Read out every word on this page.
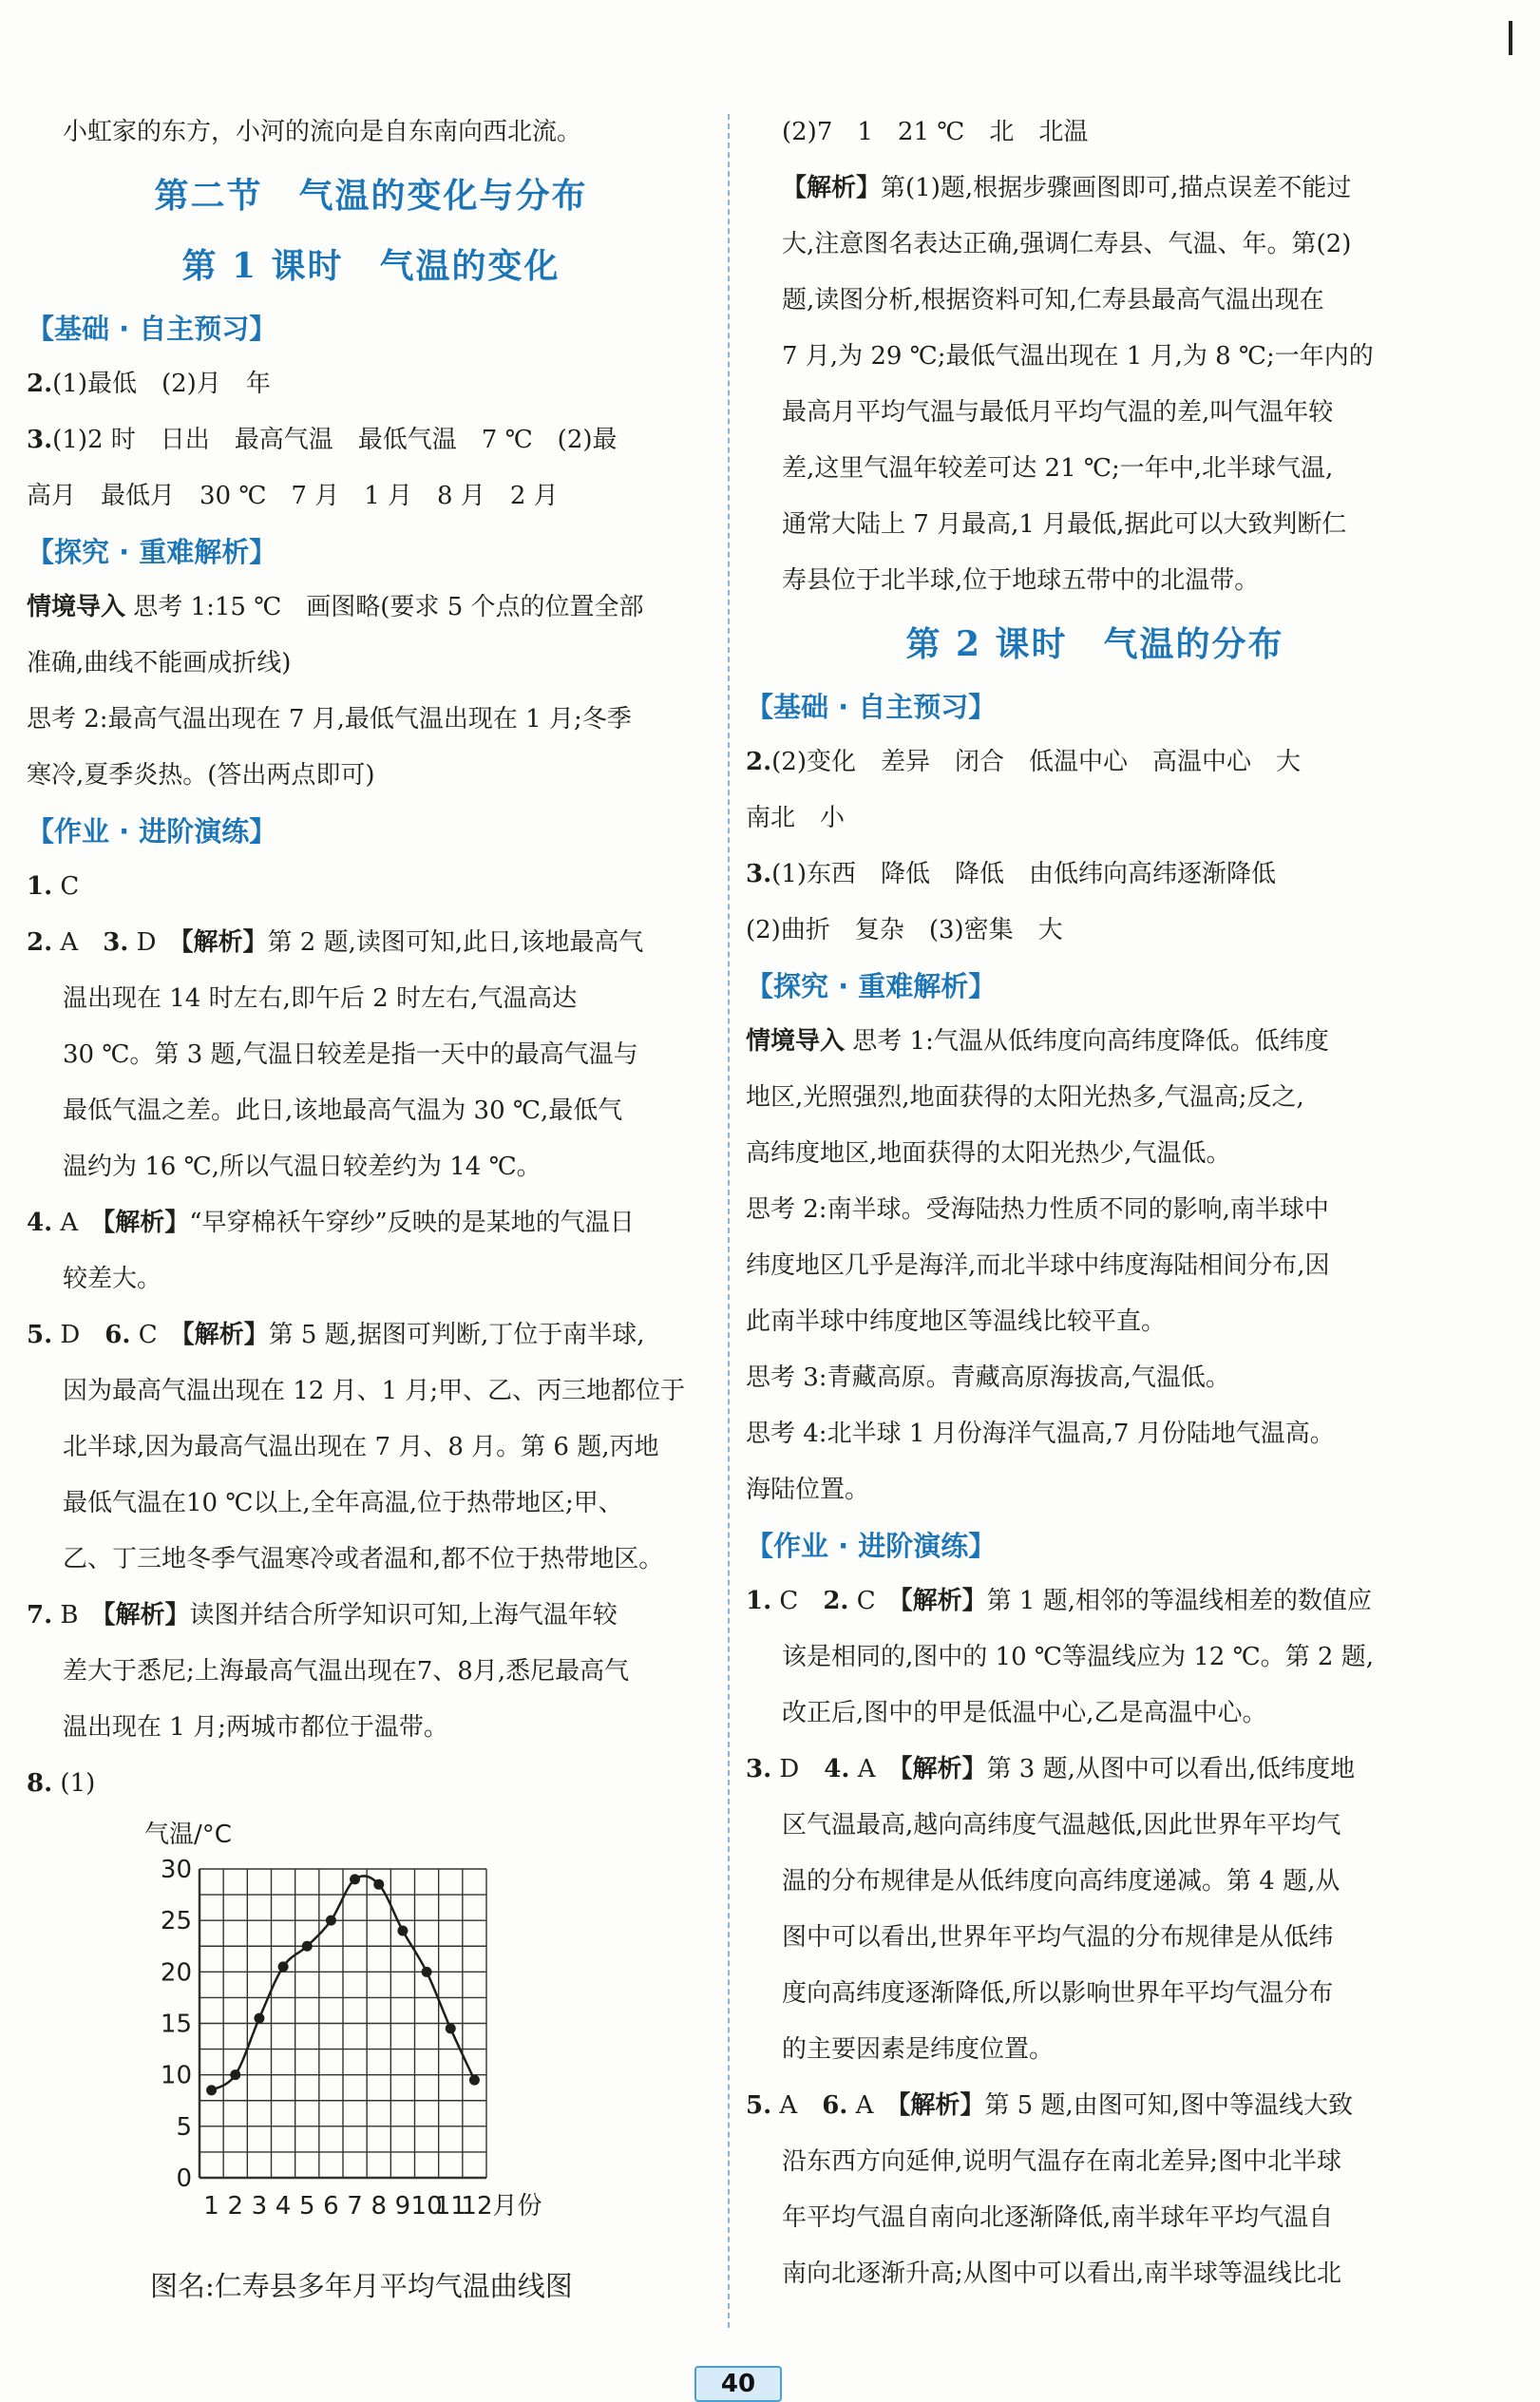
小虹家的东方，小河的流向是自东南向西北流。
第二节　气温的变化与分布
第 1 课时　气温的变化
【基础 · 自主预习】
2.(1)最低　(2)月　年
3.(1)2 时　日出　最高气温　最低气温　7 ℃　(2)最
高月　最低月　30 ℃　7 月　1 月　8 月　2 月
【探究 · 重难解析】
情境导入 思考 1:15 ℃　画图略(要求 5 个点的位置全部
准确,曲线不能画成折线)
思考 2:最高气温出现在 7 月,最低气温出现在 1 月;冬季
寒冷,夏季炎热。(答出两点即可)
【作业 · 进阶演练】
1. C
2. A　3. D　【解析】第 2 题,读图可知,此日,该地最高气
温出现在 14 时左右,即午后 2 时左右,气温高达
30 ℃。第 3 题,气温日较差是指一天中的最高气温与
最低气温之差。此日,该地最高气温为 30 ℃,最低气
温约为 16 ℃,所以气温日较差约为 14 ℃。
4. A　【解析】“早穿棉袄午穿纱”反映的是某地的气温日
较差大。
5. D　6. C　【解析】第 5 题,据图可判断,丁位于南半球,
因为最高气温出现在 12 月、1 月;甲、乙、丙三地都位于
北半球,因为最高气温出现在 7 月、8 月。第 6 题,丙地
最低气温在10 ℃以上,全年高温,位于热带地区;甲、
乙、丁三地冬季气温寒冷或者温和,都不位于热带地区。
7. B　【解析】读图并结合所学知识可知,上海气温年较
差大于悉尼;上海最高气温出现在7、8月,悉尼最高气
温出现在 1 月;两城市都位于温带。
8. (1)
气温/°C
0
5
10
15
20
25
30
1 2 3 4 5 6 7 8 9 10
11
12月份
图名:仁寿县多年月平均气温曲线图
(2)7　1　21 ℃　北　北温
【解析】第(1)题,根据步骤画图即可,描点误差不能过
大,注意图名表达正确,强调仁寿县、气温、年。第(2)
题,读图分析,根据资料可知,仁寿县最高气温出现在
7 月,为 29 ℃;最低气温出现在 1 月,为 8 ℃;一年内的
最高月平均气温与最低月平均气温的差,叫气温年较
差,这里气温年较差可达 21 ℃;一年中,北半球气温,
通常大陆上 7 月最高,1 月最低,据此可以大致判断仁
寿县位于北半球,位于地球五带中的北温带。
第 2 课时　气温的分布
【基础 · 自主预习】
2.(2)变化　差异　闭合　低温中心　高温中心　大
南北　小
3.(1)东西　降低　降低　由低纬向高纬逐渐降低
(2)曲折　复杂　(3)密集　大
【探究 · 重难解析】
情境导入 思考 1:气温从低纬度向高纬度降低。低纬度
地区,光照强烈,地面获得的太阳光热多,气温高;反之,
高纬度地区,地面获得的太阳光热少,气温低。
思考 2:南半球。受海陆热力性质不同的影响,南半球中
纬度地区几乎是海洋,而北半球中纬度海陆相间分布,因
此南半球中纬度地区等温线比较平直。
思考 3:青藏高原。青藏高原海拔高,气温低。
思考 4:北半球 1 月份海洋气温高,7 月份陆地气温高。
海陆位置。
【作业 · 进阶演练】
1. C　2. C　【解析】第 1 题,相邻的等温线相差的数值应
该是相同的,图中的 10 ℃等温线应为 12 ℃。第 2 题,
改正后,图中的甲是低温中心,乙是高温中心。
3. D　4. A　【解析】第 3 题,从图中可以看出,低纬度地
区气温最高,越向高纬度气温越低,因此世界年平均气
温的分布规律是从低纬度向高纬度递减。第 4 题,从
图中可以看出,世界年平均气温的分布规律是从低纬
度向高纬度逐渐降低,所以影响世界年平均气温分布
的主要因素是纬度位置。
5. A　6. A　【解析】第 5 题,由图可知,图中等温线大致
沿东西方向延伸,说明气温存在南北差异;图中北半球
年平均气温自南向北逐渐降低,南半球年平均气温自
南向北逐渐升高;从图中可以看出,南半球等温线比北
40
